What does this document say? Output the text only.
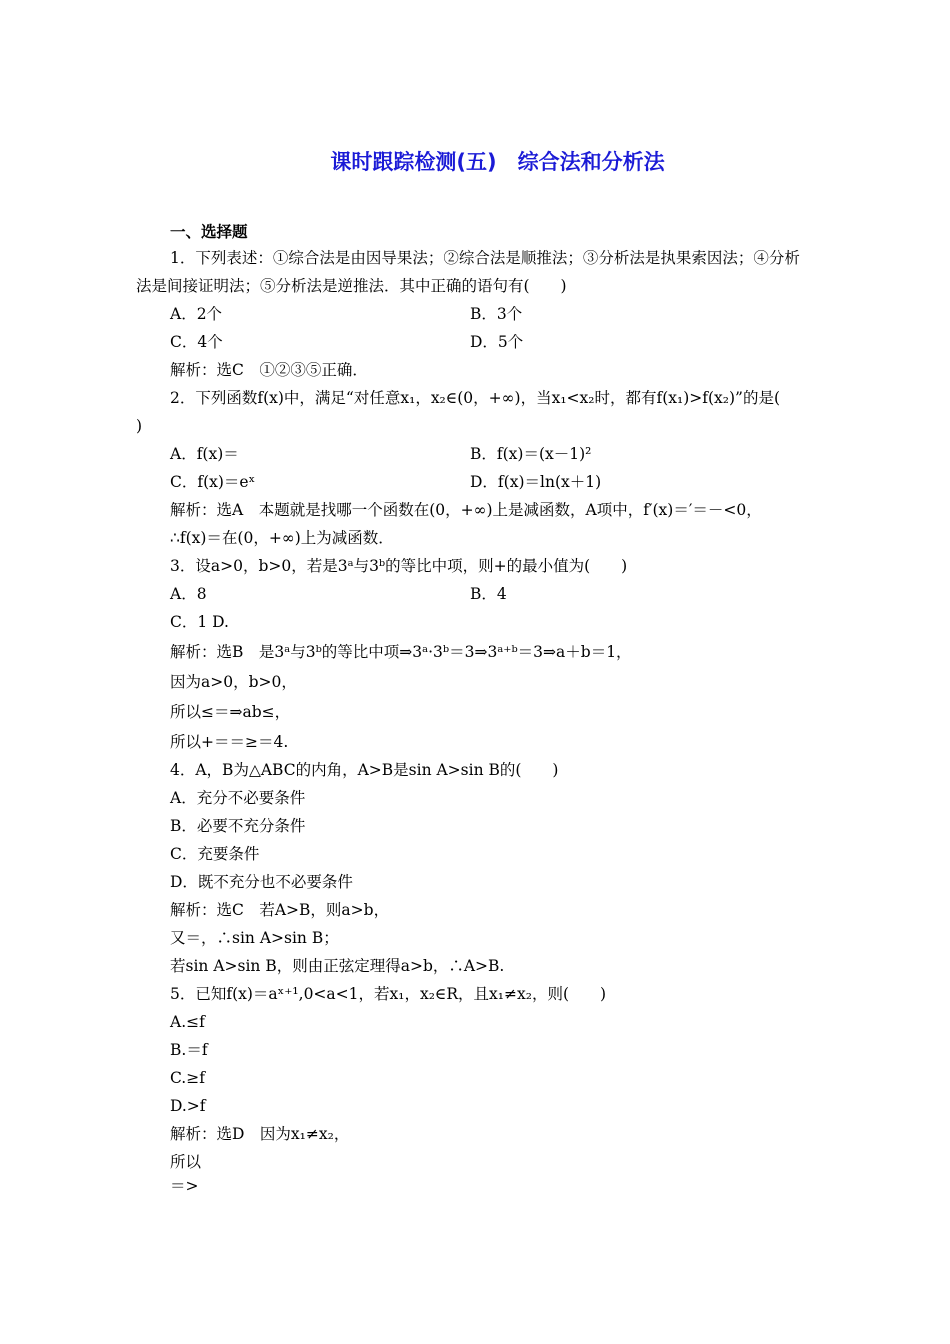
课时跟踪检测(五)　综合法和分析法
一、选择题
1．下列表述：①综合法是由因导果法；②综合法是顺推法；③分析法是执果索因法；④分析
法是间接证明法；⑤分析法是逆推法．其中正确的语句有(　　)
A．2个	B．3个
C．4个	D．5个
解析：选C　①②③⑤正确．
2．下列函数f(x)中，满足“对任意x₁，x₂∈(0，+∞)，当x₁<x₂时，都有f(x₁)>f(x₂)”的是(
)
A．f(x)＝	B．f(x)＝(x－1)²
C．f(x)＝eˣ	D．f(x)＝ln(x＋1)
解析：选A　本题就是找哪一个函数在(0，+∞)上是减函数，A项中，f′(x)＝′＝－<0，
∴f(x)＝在(0，+∞)上为减函数．
3．设a>0，b>0，若是3ᵃ与3ᵇ的等比中项，则+的最小值为(　　)
A．8	B．4
C．1 D.
解析：选B　是3ᵃ与3ᵇ的等比中项⇒3ᵃ·3ᵇ＝3⇒3ᵃ⁺ᵇ＝3⇒a＋b＝1，
因为a>0，b>0，
所以≤＝⇒ab≤，
所以+＝＝≥＝4.
4．A，B为△ABC的内角，A>B是sin A>sin B的(　　)
A．充分不必要条件
B．必要不充分条件
C．充要条件
D．既不充分也不必要条件
解析：选C　若A>B，则a>b，
又＝，∴sin A>sin B；
若sin A>sin B，则由正弦定理得a>b，∴A>B.
5．已知f(x)＝aˣ⁺¹,0<a<1，若x₁，x₂∈R，且x₁≠x₂，则(　　)
A.≤f
B.＝f
C.≥f
D.>f
解析：选D　因为x₁≠x₂，
所以
＝>
